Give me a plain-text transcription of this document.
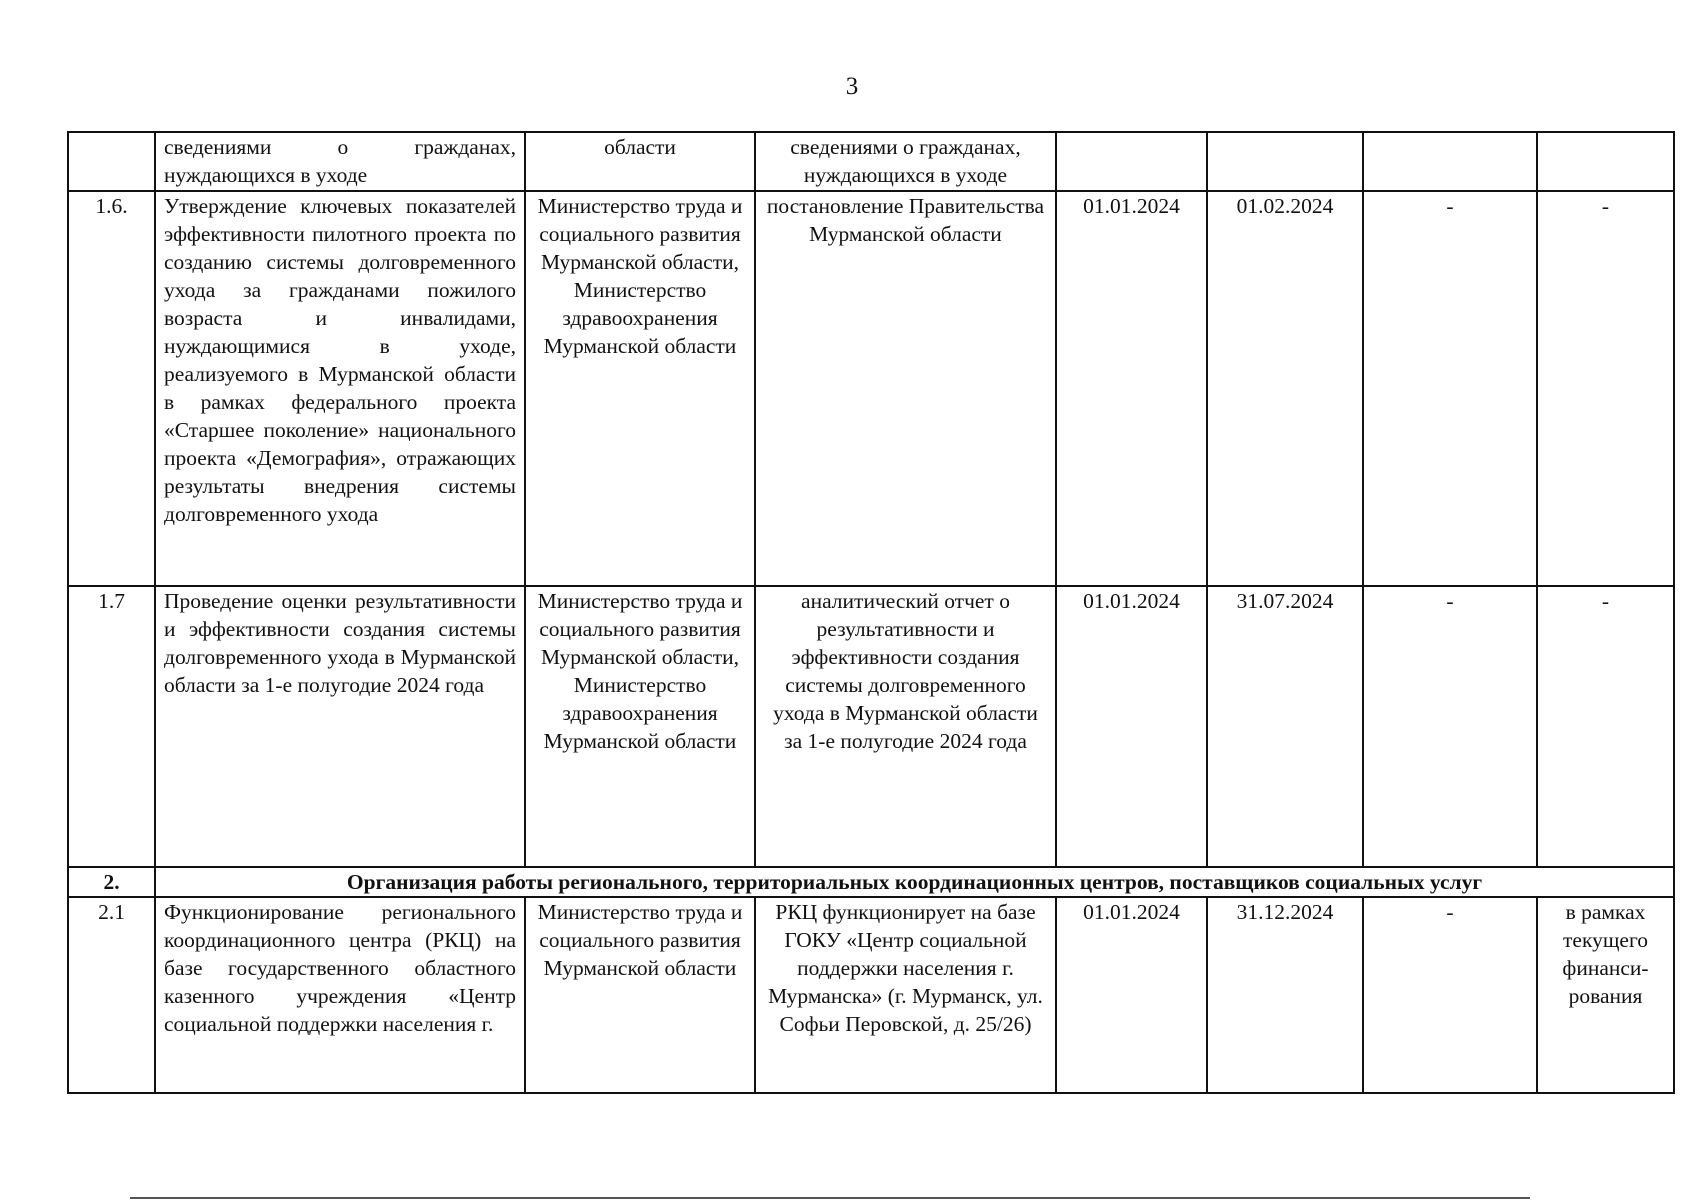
3
	сведениями о гражданах, нуждающихся в уходе	области	сведениями о гражданах, нуждающихся в уходе				
1.6.	Утверждение ключевых показателей эффективности пилотного проекта по созданию системы долговременного ухода за гражданами пожилого возраста и инвалидами, нуждающимися в уходе, реализуемого в Мурманской области в рамках федерального проекта «Старшее поколение» национального проекта «Демография», отражающих результаты внедрения системы долговременного ухода	Министерство труда и социального развития Мурманской области, Министерство здравоохранения Мурманской области	постановление Правительства Мурманской области	01.01.2024	01.02.2024	-	-
1.7	Проведение оценки результативности и эффективности создания системы долговременного ухода в Мурманской области за 1-е полугодие 2024 года	Министерство труда и социального развития Мурманской области, Министерство здравоохранения Мурманской области	аналитический отчет о результативности и эффективности создания системы долговременного ухода в Мурманской области за 1-е полугодие 2024 года	01.01.2024	31.07.2024	-	-
2.	Организация работы регионального, территориальных координационных центров, поставщиков социальных услуг						
2.1	Функционирование регионального координационного центра (РКЦ) на базе государственного областного казенного учреждения «Центр социальной поддержки населения г.	Министерство труда и социального развития Мурманской области	РКЦ функционирует на базе ГОКУ «Центр социальной поддержки населения г. Мурманска» (г. Мурманск, ул. Софьи Перовской, д. 25/26)	01.01.2024	31.12.2024	-	в рамках текущего финанси-рования
